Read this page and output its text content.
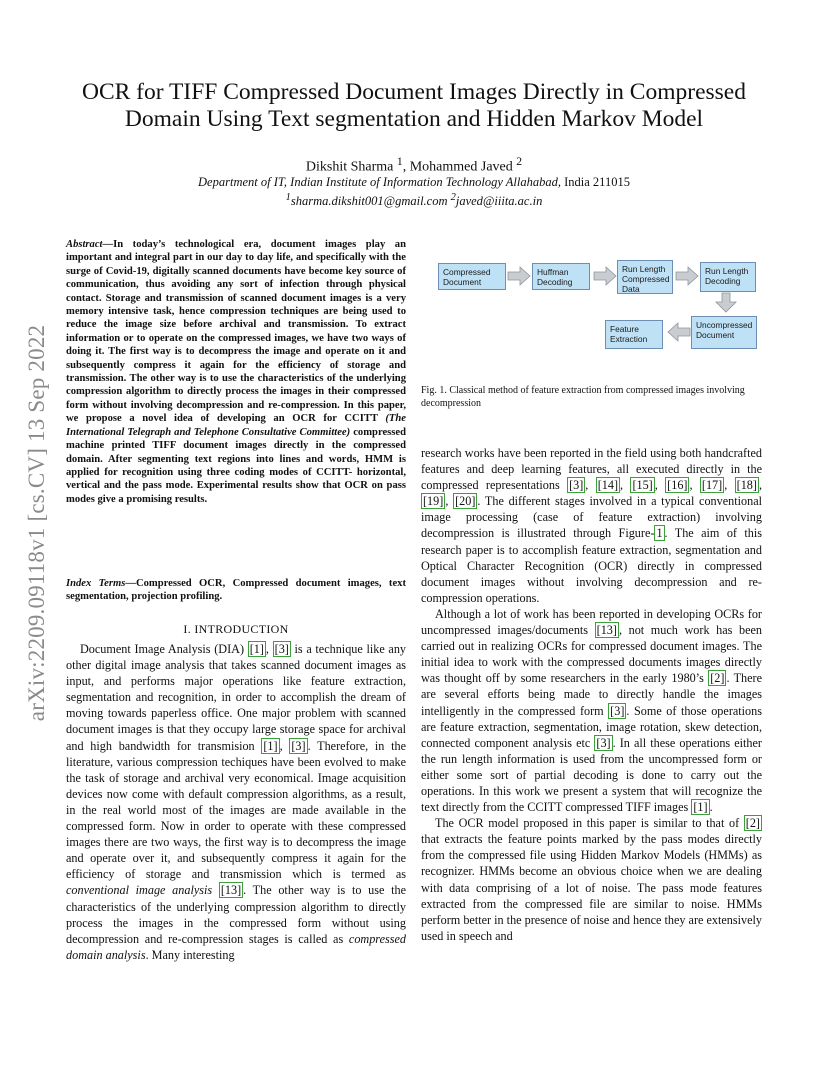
arXiv:2209.09118v1 [cs.CV] 13 Sep 2022
OCR for TIFF Compressed Document Images Directly in Compressed Domain Using Text segmentation and Hidden Markov Model
Dikshit Sharma $^1$, Mohammed Javed $^2$
Department of IT, Indian Institute of Information Technology Allahabad, India 211015
$^1$sharma.dikshit001@gmail.com $^2$javed@iiita.ac.in
Abstract—In today’s technological era, document images play an important and integral part in our day to day life, and specifically with the surge of Covid-19, digitally scanned documents have become key source of communication, thus avoiding any sort of infection through physical contact. Storage and transmission of scanned document images is a very memory intensive task, hence compression techniques are being used to reduce the image size before archival and transmission. To extract information or to operate on the compressed images, we have two ways of doing it. The first way is to decompress the image and operate on it and subsequently compress it again for the efficiency of storage and transmission. The other way is to use the characteristics of the underlying compression algorithm to directly process the images in their compressed form without involving decompression and re-compression. In this paper, we propose a novel idea of developing an OCR for CCITT (The International Telegraph and Telephone Consultative Committee) compressed machine printed TIFF document images directly in the compressed domain. After segmenting text regions into lines and words, HMM is applied for recognition using three coding modes of CCITT- horizontal, vertical and the pass mode. Experimental results show that OCR on pass modes give a promising results.
Index Terms—Compressed OCR, Compressed document images, text segmentation, projection profiling.
I. INTRODUCTION

Document Image Analysis (DIA) [1] , [3] is a technique like any other digital image analysis that takes scanned document images as input, and performs major operations like feature extraction, segmentation and recognition, in order to accomplish the dream of moving towards paperless office. One major problem with scanned document images is that they occupy large storage space for archival and high bandwidth for transmision [1] , [3] . Therefore, in the literature, various compression techiques have been evolved to make the task of storage and archival very economical. Image acquisition devices now come with default compression algorithms, as a result, in the real world most of the images are made available in the compressed form. Now in order to operate with these compressed images there are two ways, the first way is to decompress the image and operate over it, and subsequently compress it again for the efficiency of storage and transmission which is termed as conventional image analysis [13] . The other way is to use the characteristics of the underlying compression algorithm to directly process the images in the compressed form without using decompression and re-compression stages is called as compressed domain analysis. Many interesting

Compressed Document
Huffman Decoding
Run Length Compressed Data
Run Length Decoding
Uncompressed Document
Feature Extraction
Fig. 1. Classical method of feature extraction from compressed images involving decompression

research works have been reported in the field using both handcrafted features and deep learning features, all executed directly in the compressed representations [3] , [14] , [15] , [16] , [17] , [18] , [19] , [20] . The different stages involved in a typical conventional image processing (case of feature extraction) involving decompression is illustrated through Figure- 1 . The aim of this research paper is to accomplish feature extraction, segmentation and Optical Character Recognition (OCR) directly in compressed document images without involving decompression and re-compression operations.

Although a lot of work has been reported in developing OCRs for uncompressed images/documents [13] , not much work has been carried out in realizing OCRs for compressed document images. The initial idea to work with the compressed documents images directly was thought off by some researchers in the early 1980’s [2] . There are several efforts being made to directly handle the images intelligently in the compressed form [3] . Some of those operations are feature extraction, segmentation, image rotation, skew detection, connected component analysis etc [3] . In all these operations either the run length information is used from the uncompressed form or either some sort of partial decoding is done to carry out the operations. In this work we present a system that will recognize the text directly from the CCITT compressed TIFF images [1] .

The OCR model proposed in this paper is similar to that of [2] that extracts the feature points marked by the pass modes directly from the compressed file using Hidden Markov Models (HMMs) as recognizer. HMMs become an obvious choice when we are dealing with data comprising of a lot of noise. The pass mode features extracted from the compressed file are similar to noise. HMMs perform better in the presence of noise and hence they are extensively used in speech and
